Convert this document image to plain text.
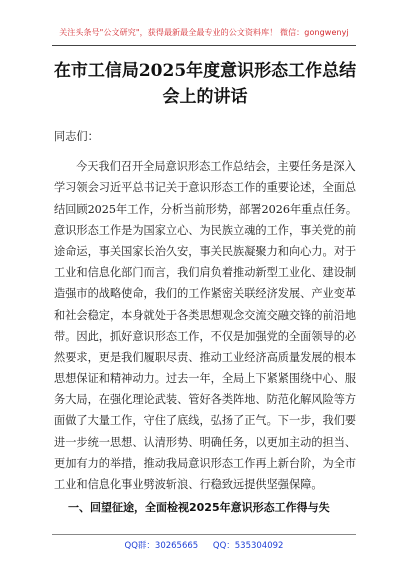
关注头条号"公文研究"，获得最新最全最专业的公文资料库！ 微信：gongwenyj
在市工信局2025年度意识形态工作总结
会上的讲话
同志们：
今天我们召开全局意识形态工作总结会，主要任务是深入
学习领会习近平总书记关于意识形态工作的重要论述，全面总
结回顾2025年工作，分析当前形势，部署2026年重点任务。
意识形态工作是为国家立心、为民族立魂的工作，事关党的前
途命运，事关国家长治久安，事关民族凝聚力和向心力。对于
工业和信息化部门而言，我们肩负着推动新型工业化、建设制
造强市的战略使命，我们的工作紧密关联经济发展、产业变革
和社会稳定，本身就处于各类思想观念交流交融交锋的前沿地
带。因此，抓好意识形态工作，不仅是加强党的全面领导的必
然要求，更是我们履职尽责、推动工业经济高质量发展的根本
思想保证和精神动力。过去一年，全局上下紧紧围绕中心、服
务大局，在强化理论武装、管好各类阵地、防范化解风险等方
面做了大量工作，守住了底线，弘扬了正气。下一步，我们要
进一步统一思想、认清形势、明确任务，以更加主动的担当、
更加有力的举措，推动我局意识形态工作再上新台阶，为全市
工业和信息化事业劈波斩浪、行稳致远提供坚强保障。
一、回望征途，全面检视2025年意识形态工作得与失
QQ群：30265665 QQ：535304092
